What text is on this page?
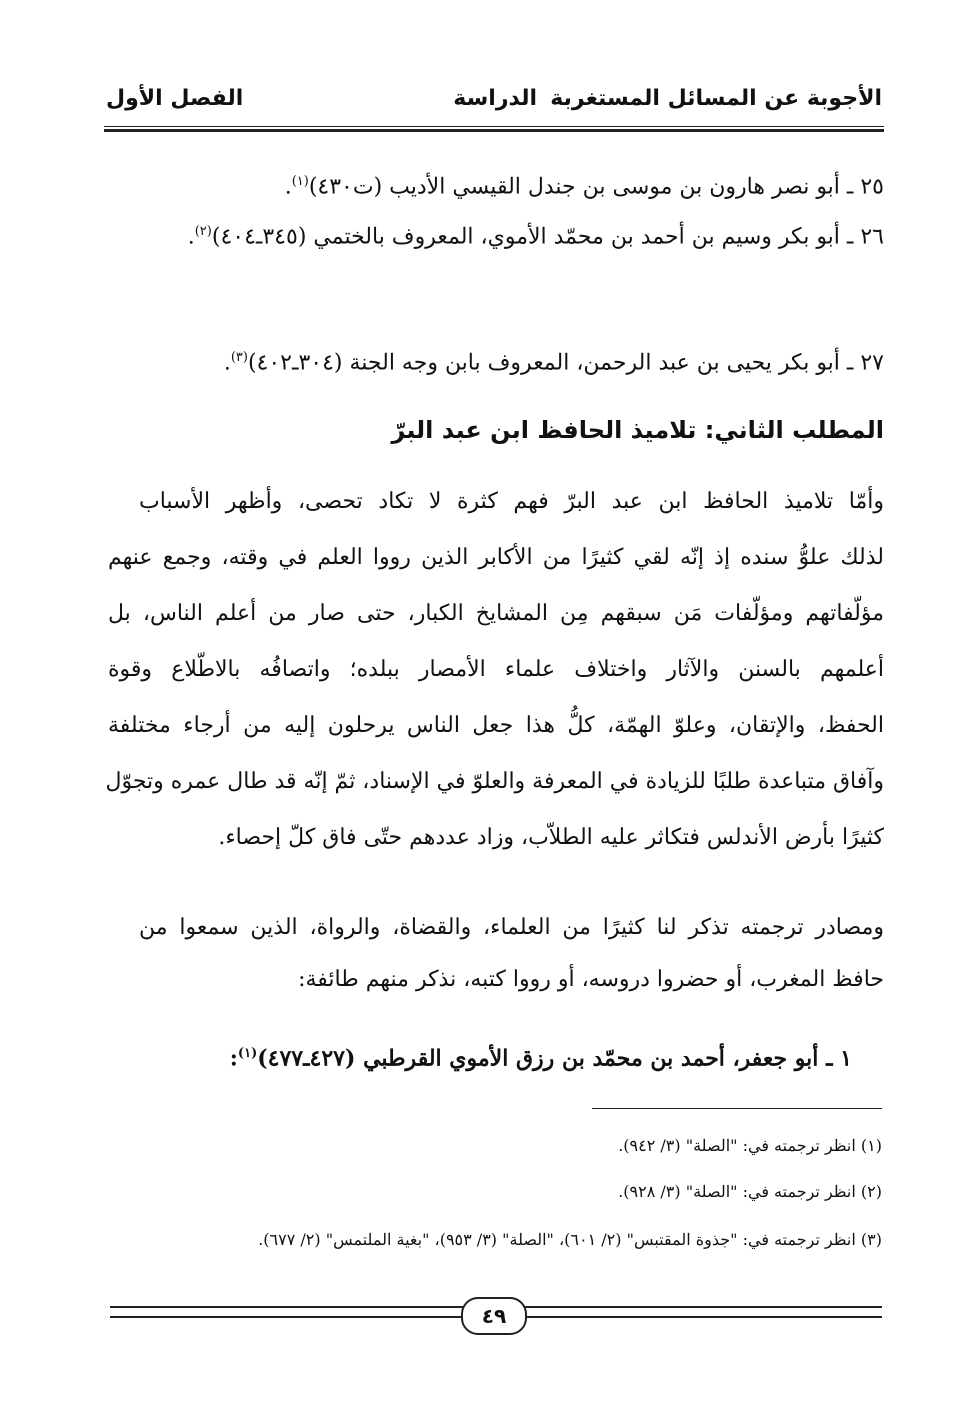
الأجوبة عن المسائل المستغربة
الدراسة
الفصل الأول
٢٥ ـ أبو نصر هارون بن موسى بن جندل القيسي الأديب (ت٤٣٠)$^{(١)}$.
٢٦ ـ أبو بكر وسيم بن أحمد بن محمّد الأموي، المعروف بالختمي (٣٤٥ـ٤٠٤)$^{(٢)}$.
٢٧ ـ أبو بكر يحيى بن عبد الرحمن، المعروف بابن وجه الجنة (٣٠٤ـ٤٠٢)$^{(٣)}$.
المطلب الثاني: تلاميذ الحافظ ابن عبد البرّ
وأمّا تلاميذ الحافظ ابن عبد البرّ فهم كثرة لا تكاد تحصى، وأظهر الأسباب
لذلك علوُّ سنده إذ إنّه لقي كثيرًا من الأكابر الذين رووا العلم في وقته، وجمع عنهم
مؤلّفاتهم ومؤلّفات مَن سبقهم مِن المشايخ الكبار، حتى صار من أعلم الناس، بل
أعلمهم بالسنن والآثار واختلاف علماء الأمصار ببلده؛ واتصافُه بالاطّلاع وقوة
الحفظ، والإتقان، وعلوّ الهمّة، كلُّ هذا جعل الناس يرحلون إليه من أرجاء مختلفة
وآفاق متباعدة طلبًا للزيادة في المعرفة والعلوّ في الإسناد، ثمّ إنّه قد طال عمره وتجوّل
كثيرًا بأرض الأندلس فتكاثر عليه الطلاّب، وزاد عددهم حتّى فاق كلّ إحصاء.
ومصادر ترجمته تذكر لنا كثيرًا من العلماء، والقضاة، والرواة، الذين سمعوا من
حافظ المغرب، أو حضروا دروسه، أو رووا كتبه، نذكر منهم طائفة:
١ ـ أبو جعفر، أحمد بن محمّد بن رزق الأموي القرطبي (٤٢٧ـ٤٧٧)$^{(١)}$:
(١) انظر ترجمته في: "الصلة" (٣/ ٩٤٢).
(٢) انظر ترجمته في: "الصلة" (٣/ ٩٢٨).
(٣) انظر ترجمته في: "جذوة المقتبس" (٢/ ٦٠١)، "الصلة" (٣/ ٩٥٣)، "بغية الملتمس" (٢/ ٦٧٧).
٤٩
